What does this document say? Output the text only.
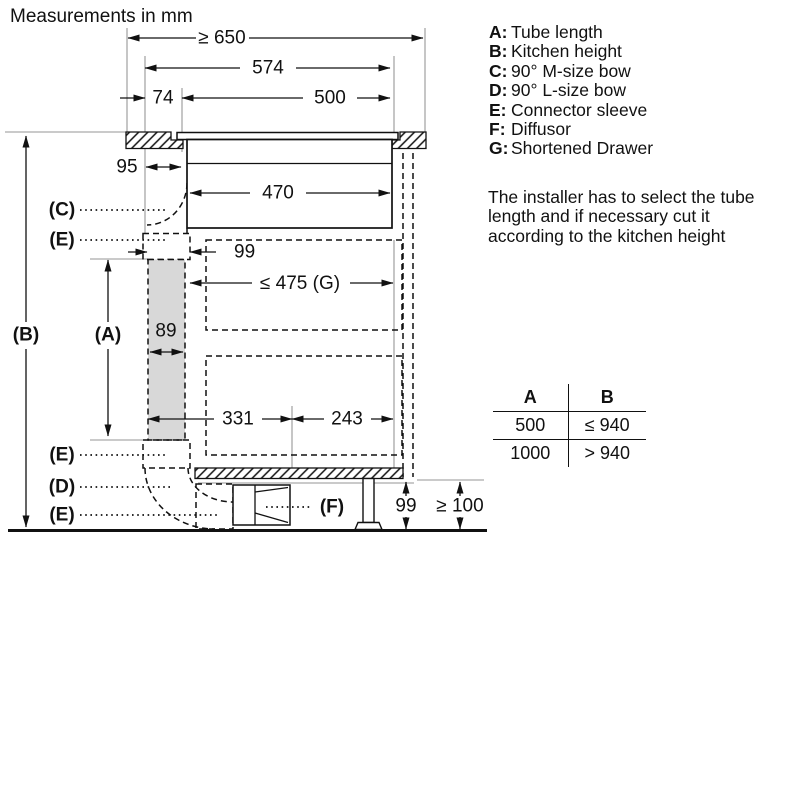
Measurements in mm
≥ 650
574
74	500
95
470
99
≤ 475 (G)
89
331	243
99 ≥ 100
(A)
(B)
(C)
(E)
(E)
(D)
(E)	(F)
A: Tube length
B: Kitchen height
C: 90° M-size bow
D: 90° L-size bow
E: Connector sleeve
F: Diffusor
G: Shortened Drawer
The installer has to select the tube length and if necessary cut it according to the kitchen height
A	B
500	≤ 940
1000	> 940
